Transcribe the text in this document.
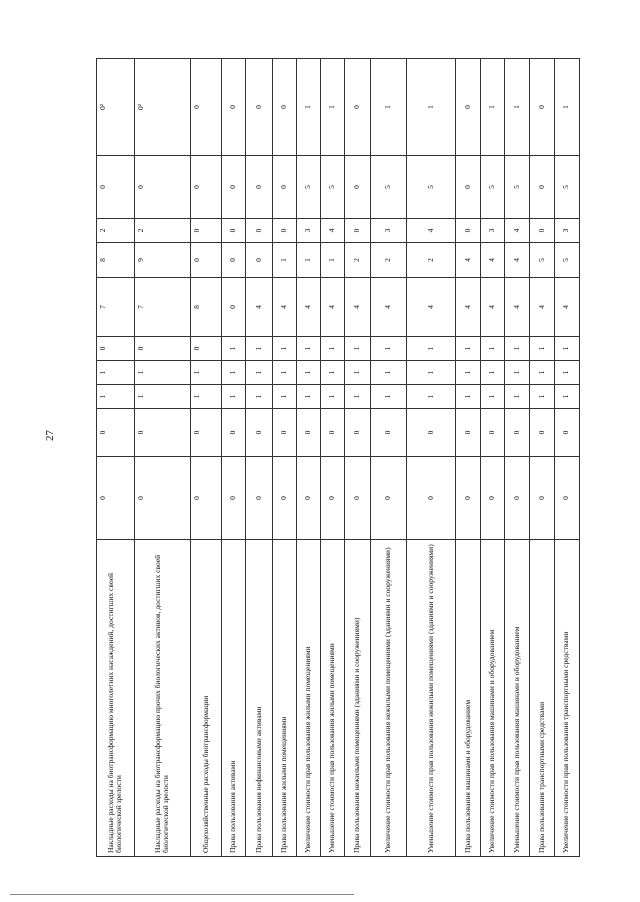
27
Накладные расходы на биотрансформацию многолетних насаждений, достигших своей биологической зрелости	0	0	1	1	0	7	8	2	0	0²
Накладные расходы на биотрансформацию прочих биологических активов, достигших своей биологической зрелости	0	0	1	1	0	7	9	2	0	0²
Общехозяйственные расходы биотрансформации	0	0	1	1	0	8	0	0	0	0
Права пользования активами	0	0	1	1	1	0	0	0	0	0
Права пользования нефинансовыми активами	0	0	1	1	1	4	0	0	0	0
Права пользования жилыми помещениями	0	0	1	1	1	4	1	0	0	0
Увеличение стоимости прав пользования жилыми помещениями	0	0	1	1	1	4	1	3	5	1
Уменьшение стоимости прав пользования жилыми помещениями	0	0	1	1	1	4	1	4	5	1
Права пользования нежилыми помещениями (зданиями и сооружениями)	0	0	1	1	1	4	2	0	0	0
Увеличение стоимости прав пользования нежилыми помещениями (зданиями и сооружениями)	0	0	1	1	1	4	2	3	5	1
Уменьшение стоимости прав пользования нежилыми помещениями (зданиями и сооружениями)	0	0	1	1	1	4	2	4	5	1
Права пользования машинами и оборудованием	0	0	1	1	1	4	4	0	0	0
Увеличение стоимости прав пользования машинами и оборудованием	0	0	1	1	1	4	4	3	5	1
Уменьшение стоимости прав пользования машинами и оборудованием	0	0	1	1	1	4	4	4	5	1
Права пользования транспортными средствами	0	0	1	1	1	4	5	0	0	0
Увеличение стоимости прав пользования транспортными средствами	0	0	1	1	1	4	5	3	5	1
